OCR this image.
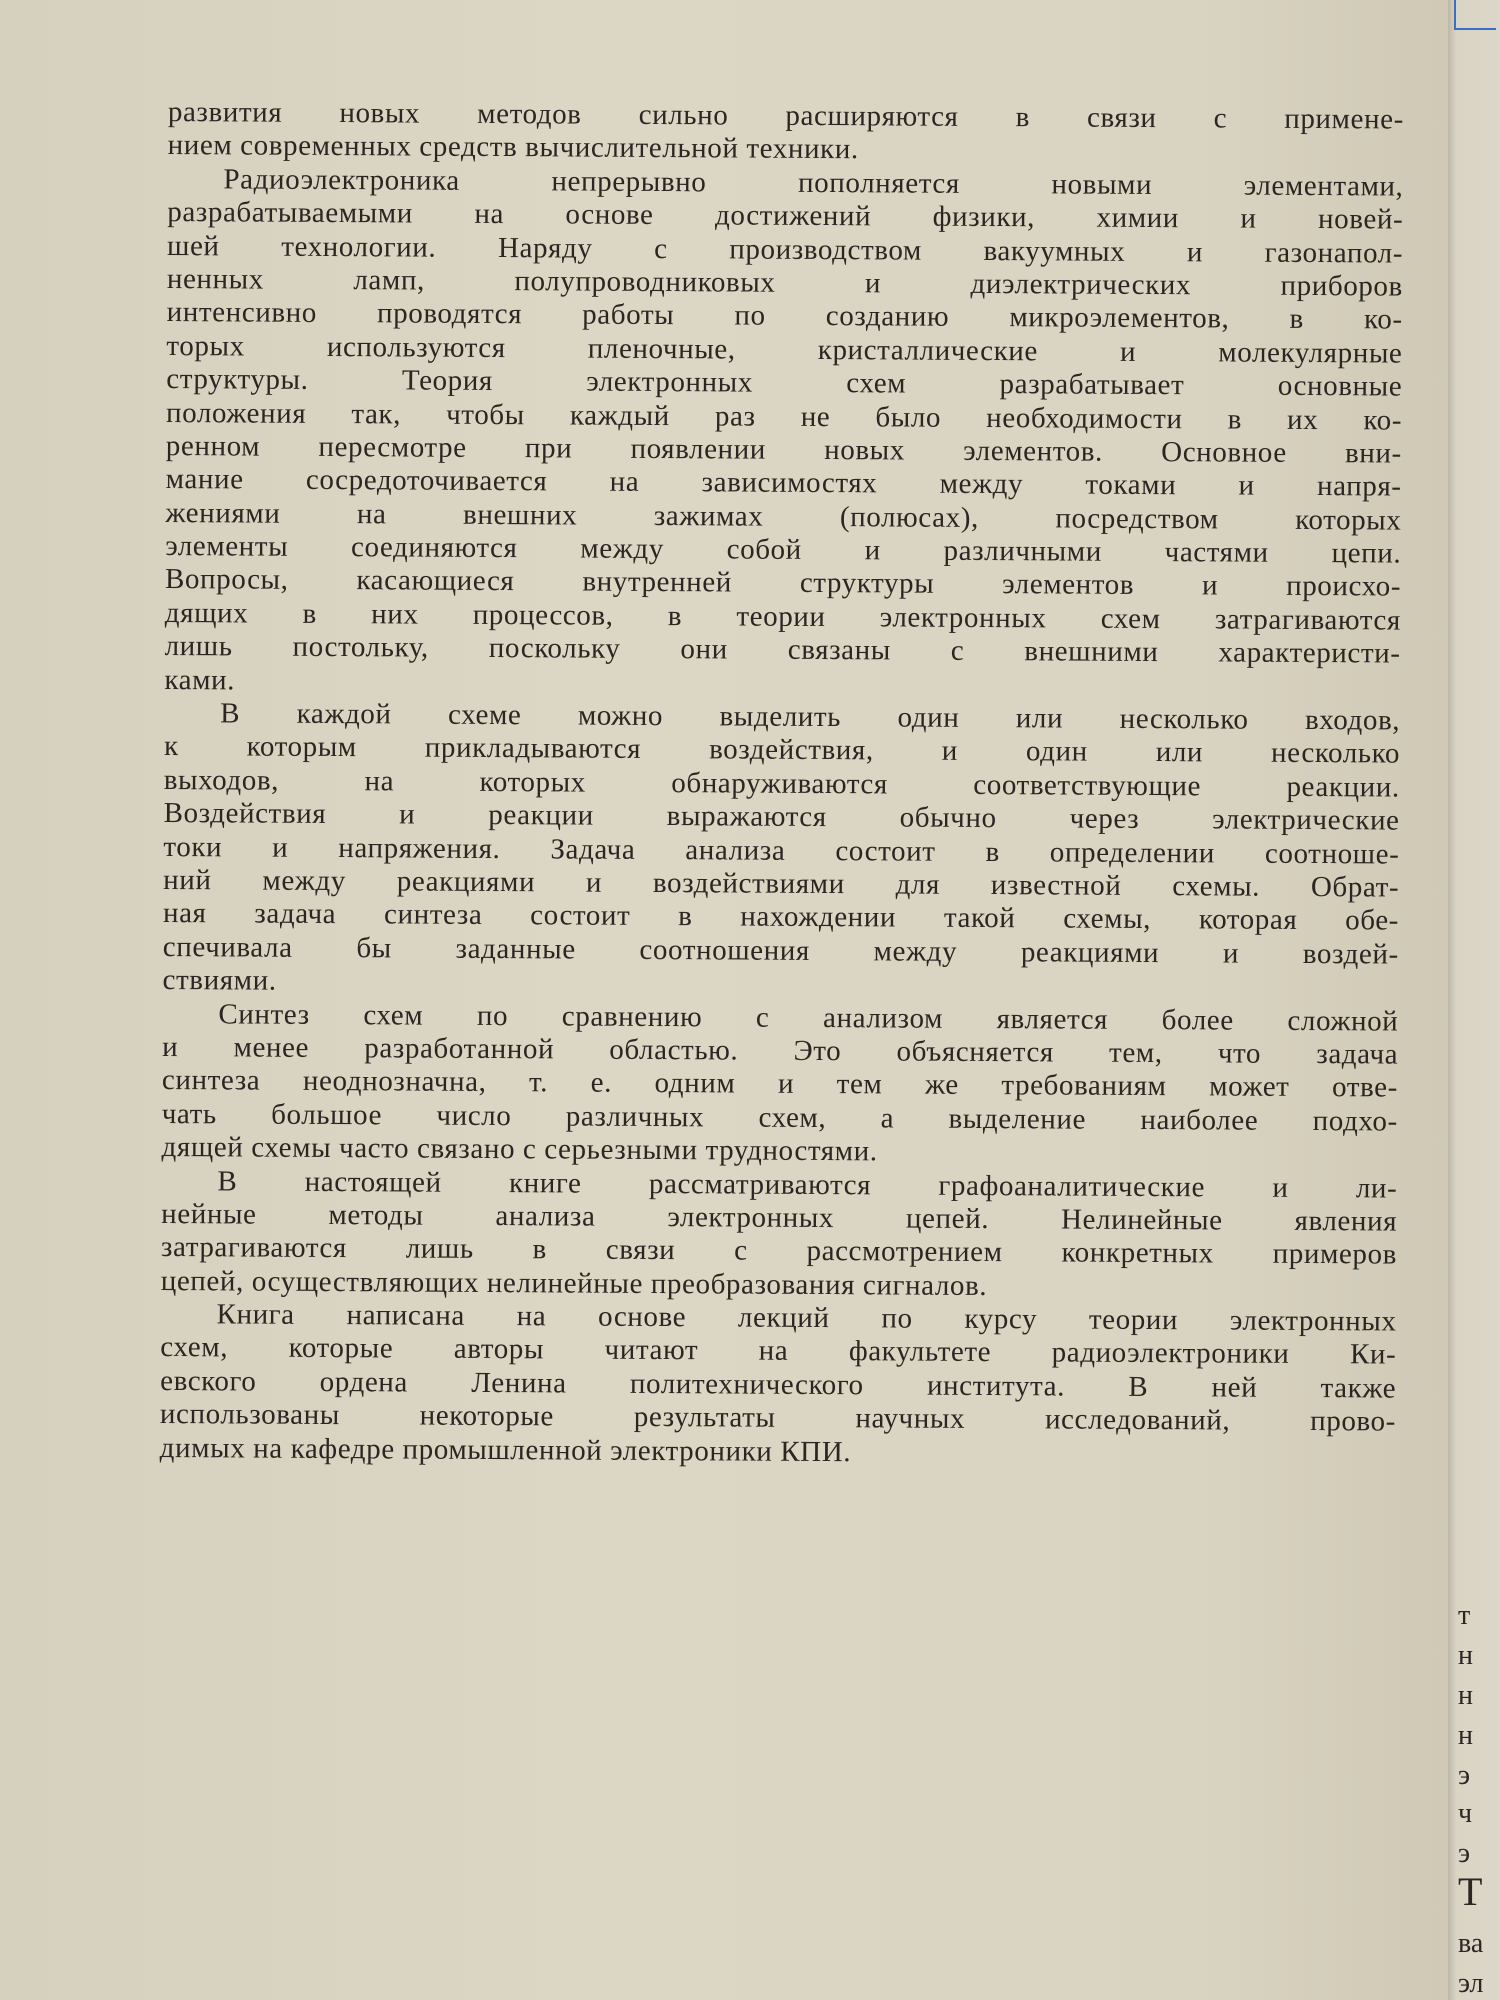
развития новых методов сильно расширяются в связи с примене-
нием современных средств вычислительной техники.
Радиоэлектроника непрерывно пополняется новыми элементами,
разрабатываемыми на основе достижений физики, химии и новей-
шей технологии. Наряду с производством вакуумных и газонапол-
ненных ламп, полупроводниковых и диэлектрических приборов
интенсивно проводятся работы по созданию микроэлементов, в ко-
торых используются пленочные, кристаллические и молекулярные
структуры. Теория электронных схем разрабатывает основные
положения так, чтобы каждый раз не было необходимости в их ко-
ренном пересмотре при появлении новых элементов. Основное вни-
мание сосредоточивается на зависимостях между токами и напря-
жениями на внешних зажимах (полюсах), посредством которых
элементы соединяются между собой и различными частями цепи.
Вопросы, касающиеся внутренней структуры элементов и происхо-
дящих в них процессов, в теории электронных схем затрагиваются
лишь постольку, поскольку они связаны с внешними характеристи-
ками.
В каждой схеме можно выделить один или несколько входов,
к которым прикладываются воздействия, и один или несколько
выходов, на которых обнаруживаются соответствующие реакции.
Воздействия и реакции выражаются обычно через электрические
токи и напряжения. Задача анализа состоит в определении соотноше-
ний между реакциями и воздействиями для известной схемы. Обрат-
ная задача синтеза состоит в нахождении такой схемы, которая обе-
спечивала бы заданные соотношения между реакциями и воздей-
ствиями.
Синтез схем по сравнению с анализом является более сложной
и менее разработанной областью. Это объясняется тем, что задача
синтеза неоднозначна, т. е. одним и тем же требованиям может отве-
чать большое число различных схем, а выделение наиболее подхо-
дящей схемы часто связано с серьезными трудностями.
В настоящей книге рассматриваются графоаналитические и ли-
нейные методы анализа электронных цепей. Нелинейные явления
затрагиваются лишь в связи с рассмотрением конкретных примеров
цепей, осуществляющих нелинейные преобразования сигналов.
Книга написана на основе лекций по курсу теории электронных
схем, которые авторы читают на факультете радиоэлектроники Ки-
евского ордена Ленина политехнического института. В ней также
использованы некоторые результаты научных исследований, прово-
димых на кафедре промышленной электроники КПИ.
т
н
н
н
э
ч
э
Т
ва
эл
